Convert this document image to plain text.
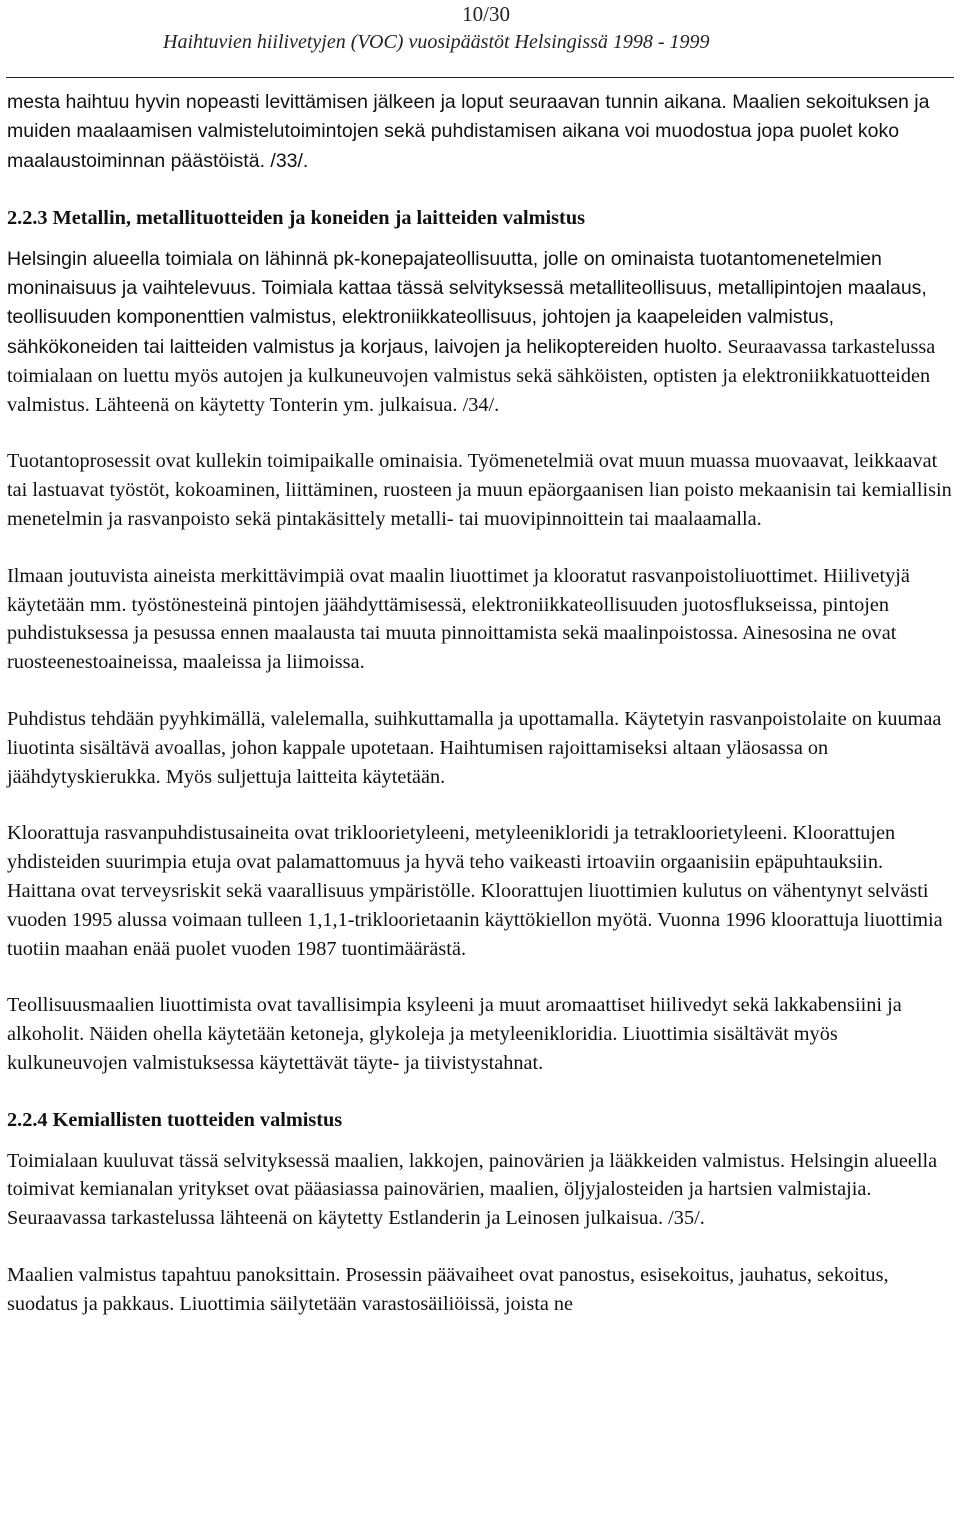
10/30
Haihtuvien hiilivetyjen (VOC) vuosipäästöt Helsingissä 1998 - 1999

mesta haihtuu hyvin nopeasti levittämisen jälkeen ja loput seuraavan tunnin aikana. Maalien sekoituksen ja muiden maalaamisen valmistelutoimintojen sekä puhdistamisen aikana voi muodostua jopa puolet koko maalaustoiminnan päästöistä. /33/.

2.2.3 Metallin, metallituotteiden ja koneiden ja laitteiden valmistus

Helsingin alueella toimiala on lähinnä pk-konepajateollisuutta, jolle on ominaista tuotantomenetelmien moninaisuus ja vaihtelevuus. Toimiala kattaa tässä selvityksessä metalliteollisuus, metallipintojen maalaus, teollisuuden komponenttien valmistus, elektroniikkateollisuus, johtojen ja kaapeleiden valmistus, sähkökoneiden tai laitteiden valmistus ja korjaus, laivojen ja helikoptereiden huolto. Seuraavassa tarkastelussa toimialaan on luettu myös autojen ja kulkuneuvojen valmistus sekä sähköisten, optisten ja elektroniikkatuotteiden valmistus. Lähteenä on käytetty Tonterin ym. julkaisua. /34/.

Tuotantoprosessit ovat kullekin toimipaikalle ominaisia. Työmenetelmiä ovat muun muassa muovaavat, leikkaavat tai lastuavat työstöt, kokoaminen, liittäminen, ruosteen ja muun epäorgaanisen lian poisto mekaanisin tai kemiallisin menetelmin ja rasvanpoisto sekä pintakäsittely metalli- tai muovipinnoittein tai maalaamalla.

Ilmaan joutuvista aineista merkittävimpiä ovat maalin liuottimet ja klooratut rasvanpoistoliuottimet. Hiilivetyjä käytetään mm. työstönesteinä pintojen jäähdyttämisessä, elektroniikkateollisuuden juotosflukseissa, pintojen puhdistuksessa ja pesussa ennen maalausta tai muuta pinnoittamista sekä maalinpoistossa. Ainesosina ne ovat ruosteenestoaineissa, maaleissa ja liimoissa.

Puhdistus tehdään pyyhkimällä, valelemalla, suihkuttamalla ja upottamalla. Käytetyin rasvanpoistolaite on kuumaa liuotinta sisältävä avoallas, johon kappale upotetaan. Haihtumisen rajoittamiseksi altaan yläosassa on jäähdytyskierukka. Myös suljettuja laitteita käytetään.

Kloorattuja rasvanpuhdistusaineita ovat trikloorietyleeni, metyleenikloridi ja tetrakloorietyleeni. Kloorattujen yhdisteiden suurimpia etuja ovat palamattomuus ja hyvä teho vaikeasti irtoaviin orgaanisiin epäpuhtauksiin. Haittana ovat terveysriskit sekä vaarallisuus ympäristölle. Kloorattujen liuottimien kulutus on vähentynyt selvästi vuoden 1995 alussa voimaan tulleen 1,1,1-trikloorietaanin käyttökiellon myötä. Vuonna 1996 kloorattuja liuottimia tuotiin maahan enää puolet vuoden 1987 tuontimäärästä.

Teollisuusmaalien liuottimista ovat tavallisimpia ksyleeni ja muut aromaattiset hiilivedyt sekä lakkabensiini ja alkoholit. Näiden ohella käytetään ketoneja, glykoleja ja metyleenikloridia. Liuottimia sisältävät myös kulkuneuvojen valmistuksessa käytettävät täyte- ja tiivistystahnat.

2.2.4 Kemiallisten tuotteiden valmistus

Toimialaan kuuluvat tässä selvityksessä maalien, lakkojen, painovärien ja lääkkeiden valmistus. Helsingin alueella toimivat kemianalan yritykset ovat pääasiassa painovärien, maalien, öljyjalosteiden ja hartsien valmistajia. Seuraavassa tarkastelussa lähteenä on käytetty Estlanderin ja Leinosen julkaisua. /35/.

Maalien valmistus tapahtuu panoksittain. Prosessin päävaiheet ovat panostus, esisekoitus, jauhatus, sekoitus, suodatus ja pakkaus. Liuottimia säilytetään varastosäiliöissä, joista ne
